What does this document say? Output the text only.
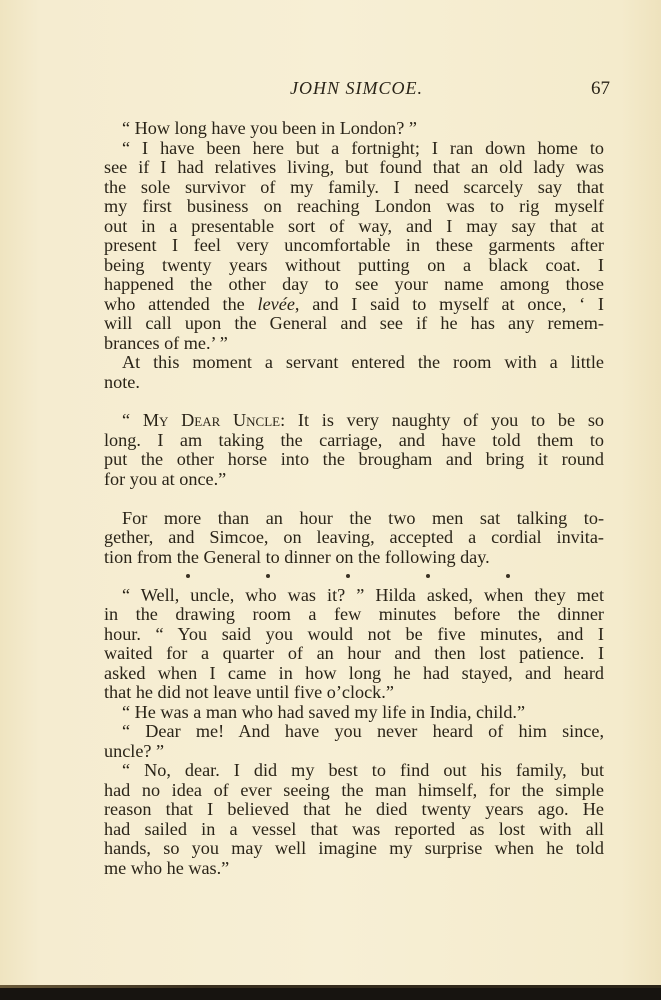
JOHN SIMCOE.	67
“ How long have you been in London? ”
“ I have been here but a fortnight; I ran down home to
see if I had relatives living, but found that an old lady was
the sole survivor of my family. I need scarcely say that
my first business on reaching London was to rig myself
out in a presentable sort of way, and I may say that at
present I feel very uncomfortable in these garments after
being twenty years without putting on a black coat. I
happened the other day to see your name among those
who attended the levée, and I said to myself at once, ‘ I
will call upon the General and see if he has any remem-
brances of me.’ ”
At this moment a servant entered the room with a little
note.
“ My Dear Uncle: It is very naughty of you to be so
long. I am taking the carriage, and have told them to
put the other horse into the brougham and bring it round
for you at once.”
For more than an hour the two men sat talking to-
gether, and Simcoe, on leaving, accepted a cordial invita-
tion from the General to dinner on the following day.
“ Well, uncle, who was it? ” Hilda asked, when they met
in the drawing room a few minutes before the dinner
hour. “ You said you would not be five minutes, and I
waited for a quarter of an hour and then lost patience. I
asked when I came in how long he had stayed, and heard
that he did not leave until five o’clock.”
“ He was a man who had saved my life in India, child.”
“ Dear me! And have you never heard of him since,
uncle? ”
“ No, dear. I did my best to find out his family, but
had no idea of ever seeing the man himself, for the simple
reason that I believed that he died twenty years ago. He
had sailed in a vessel that was reported as lost with all
hands, so you may well imagine my surprise when he told
me who he was.”
